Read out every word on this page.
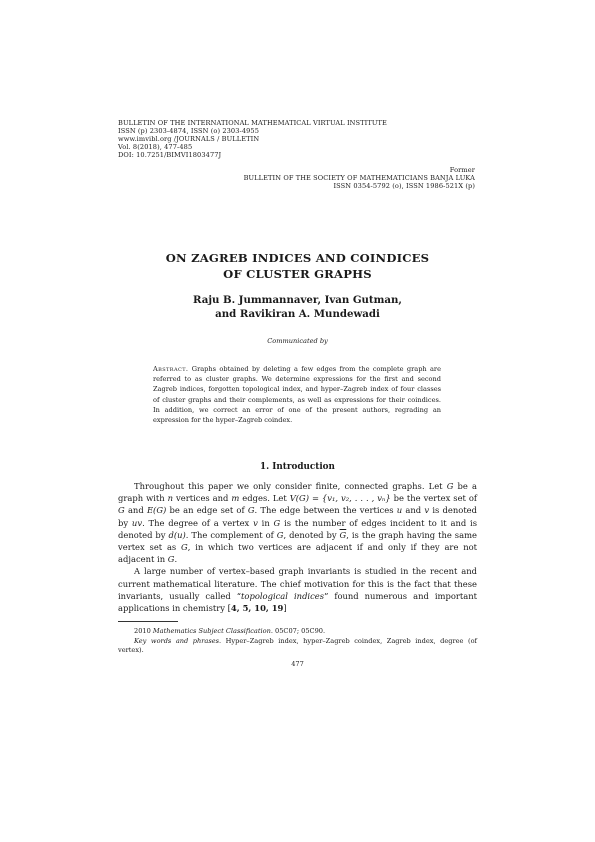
BULLETIN OF THE INTERNATIONAL MATHEMATICAL VIRTUAL INSTITUTE
ISSN (p) 2303-4874, ISSN (o) 2303-4955
www.imvibl.org /JOURNALS / BULLETIN
Vol. 8(2018), 477-485
DOI: 10.7251/BIMVI1803477J
Former
BULLETIN OF THE SOCIETY OF MATHEMATICIANS BANJA LUKA
ISSN 0354-5792 (o), ISSN 1986-521X (p)
ON ZAGREB INDICES AND COINDICES
OF CLUSTER GRAPHS
Raju B. Jummannaver, Ivan Gutman,
and Ravikiran A. Mundewadi
Communicated by
Abstract. Graphs obtained by deleting a few edges from the complete graph are referred to as cluster graphs. We determine expressions for the first and second Zagreb indices, forgotten topological index, and hyper–Zagreb index of four classes of cluster graphs and their complements, as well as expressions for their coindices. In addition, we correct an error of one of the present authors, regrading an expression for the hyper–Zagreb coindex.
1. Introduction

Throughout this paper we only consider finite, connected graphs. Let G be a graph with n vertices and m edges. Let V(G) = {v₁, v₂, . . . , vₙ} be the vertex set of G and E(G) be an edge set of G. The edge between the vertices u and v is denoted by uv. The degree of a vertex v in G is the number of edges incident to it and is denoted by d(u). The complement of G, denoted by $\overline{G}$, is the graph having the same vertex set as G, in which two vertices are adjacent if and only if they are not adjacent in G.

A large number of vertex–based graph invariants is studied in the recent and current mathematical literature. The chief motivation for this is the fact that these invariants, usually called “topological indices” found numerous and important applications in chemistry [4, 5, 10, 19]

2010 Mathematics Subject Classification. 05C07; 05C90.

Key words and phrases. Hyper–Zagreb index, hyper–Zagreb coindex, Zagreb index, degree (of vertex).

477
